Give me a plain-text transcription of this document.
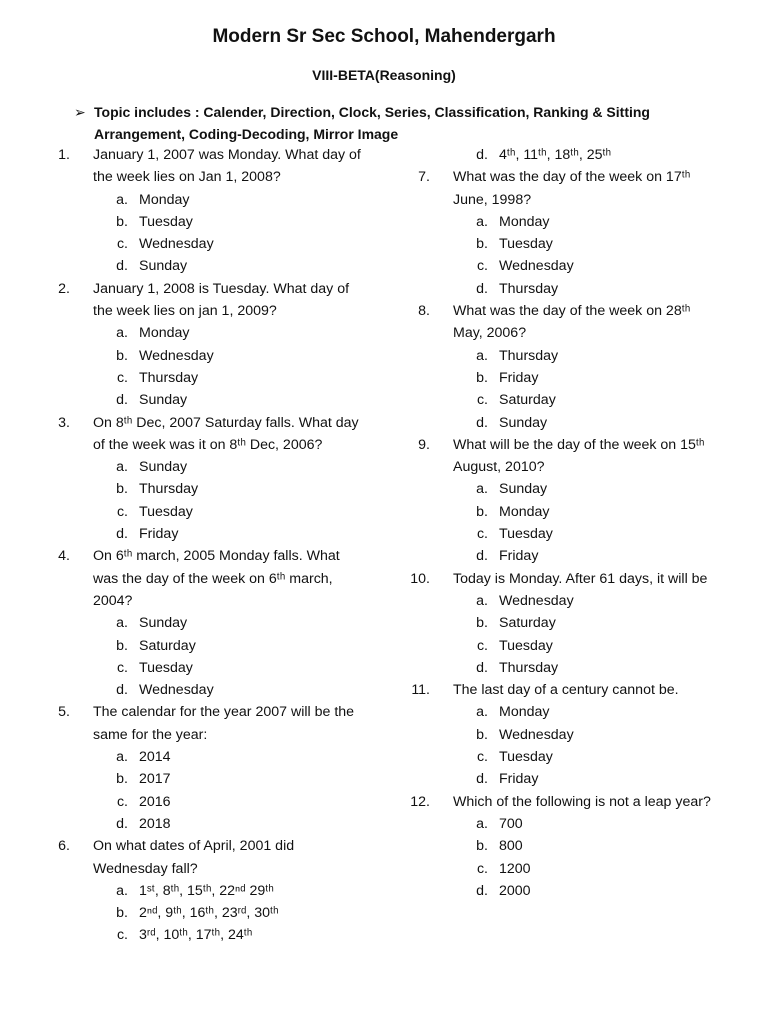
Modern Sr Sec School, Mahendergarh
VIII-BETA(Reasoning)
➢ Topic includes : Calender, Direction, Clock, Series, Classification, Ranking & Sitting Arrangement, Coding-Decoding, Mirror Image
1. January 1, 2007 was Monday. What day of the week lies on Jan 1, 2008?
a. Monday
b. Tuesday
c. Wednesday
d. Sunday
2. January 1, 2008 is Tuesday. What day of the week lies on jan 1, 2009?
a. Monday
b. Wednesday
c. Thursday
d. Sunday
3. On 8ᵗʰ Dec, 2007 Saturday falls. What day of the week was it on 8ᵗʰ Dec, 2006?
a. Sunday
b. Thursday
c. Tuesday
d. Friday
4. On 6ᵗʰ march, 2005 Monday falls. What was the day of the week on 6ᵗʰ march, 2004?
a. Sunday
b. Saturday
c. Tuesday
d. Wednesday
5. The calendar for the year 2007 will be the same for the year:
a. 2014
b. 2017
c. 2016
d. 2018
6. On what dates of April, 2001 did Wednesday fall?
a. 1ˢᵗ, 8ᵗʰ, 15ᵗʰ, 22ⁿᵈ 29ᵗʰ
b. 2ⁿᵈ, 9ᵗʰ, 16ᵗʰ, 23ʳᵈ, 30ᵗʰ
c. 3ʳᵈ, 10ᵗʰ, 17ᵗʰ, 24ᵗʰ
d. 4ᵗʰ, 11ᵗʰ, 18ᵗʰ, 25ᵗʰ
7. What was the day of the week on 17ᵗʰ June, 1998?
a. Monday
b. Tuesday
c. Wednesday
d. Thursday
8. What was the day of the week on 28ᵗʰ May, 2006?
a. Thursday
b. Friday
c. Saturday
d. Sunday
9. What will be the day of the week on 15ᵗʰ August, 2010?
a. Sunday
b. Monday
c. Tuesday
d. Friday
10. Today is Monday. After 61 days, it will be
a. Wednesday
b. Saturday
c. Tuesday
d. Thursday
11. The last day of a century cannot be.
a. Monday
b. Wednesday
c. Tuesday
d. Friday
12. Which of the following is not a leap year?
a. 700
b. 800
c. 1200
d. 2000
